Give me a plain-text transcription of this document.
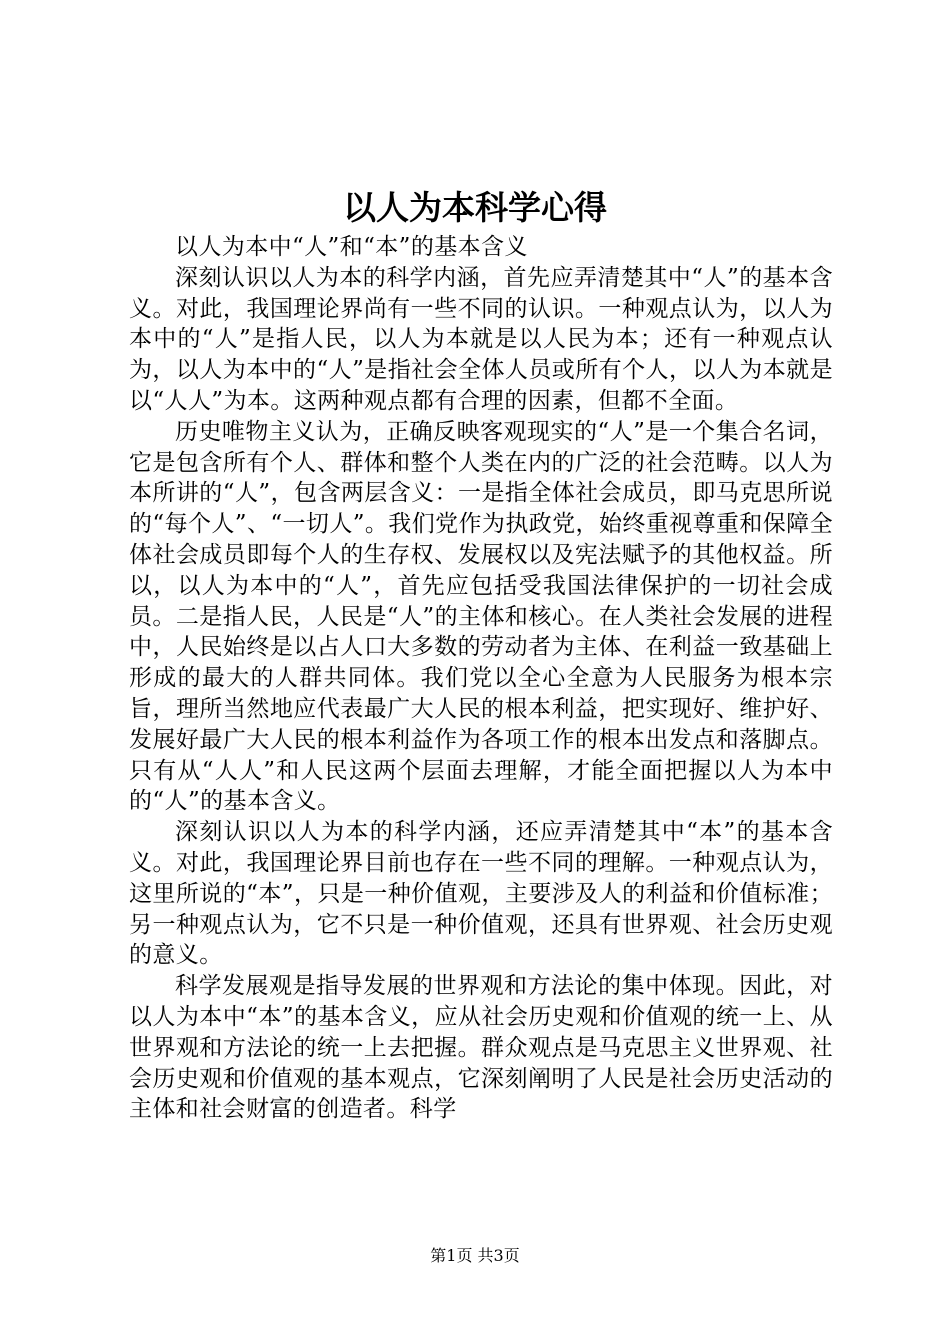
以人为本科学心得

以人为本中“人”和“本”的基本含义

深刻认识以人为本的科学内涵，首先应弄清楚其中“人”的基本含义。对此，我国理论界尚有一些不同的认识。一种观点认为，以人为本中的“人”是指人民，以人为本就是以人民为本；还有一种观点认为，以人为本中的“人”是指社会全体人员或所有个人，以人为本就是以“人人”为本。这两种观点都有合理的因素，但都不全面。

历史唯物主义认为，正确反映客观现实的“人”是一个集合名词，它是包含所有个人、群体和整个人类在内的广泛的社会范畴。以人为本所讲的“人”，包含两层含义：一是指全体社会成员，即马克思所说的“每个人”、“一切人”。我们党作为执政党，始终重视尊重和保障全体社会成员即每个人的生存权、发展权以及宪法赋予的其他权益。所以，以人为本中的“人”，首先应包括受我国法律保护的一切社会成员。二是指人民，人民是“人”的主体和核心。在人类社会发展的进程中，人民始终是以占人口大多数的劳动者为主体、在利益一致基础上形成的最大的人群共同体。我们党以全心全意为人民服务为根本宗旨，理所当然地应代表最广大人民的根本利益，把实现好、维护好、发展好最广大人民的根本利益作为各项工作的根本出发点和落脚点。只有从“人人”和人民这两个层面去理解，才能全面把握以人为本中的“人”的基本含义。

深刻认识以人为本的科学内涵，还应弄清楚其中“本”的基本含义。对此，我国理论界目前也存在一些不同的理解。一种观点认为，这里所说的“本”，只是一种价值观，主要涉及人的利益和价值标准；另一种观点认为，它不只是一种价值观，还具有世界观、社会历史观的意义。

科学发展观是指导发展的世界观和方法论的集中体现。因此，对以人为本中“本”的基本含义，应从社会历史观和价值观的统一上、从世界观和方法论的统一上去把握。群众观点是马克思主义世界观、社会历史观和价值观的基本观点，它深刻阐明了人民是社会历史活动的主体和社会财富的创造者。科学

第1页 共3页
